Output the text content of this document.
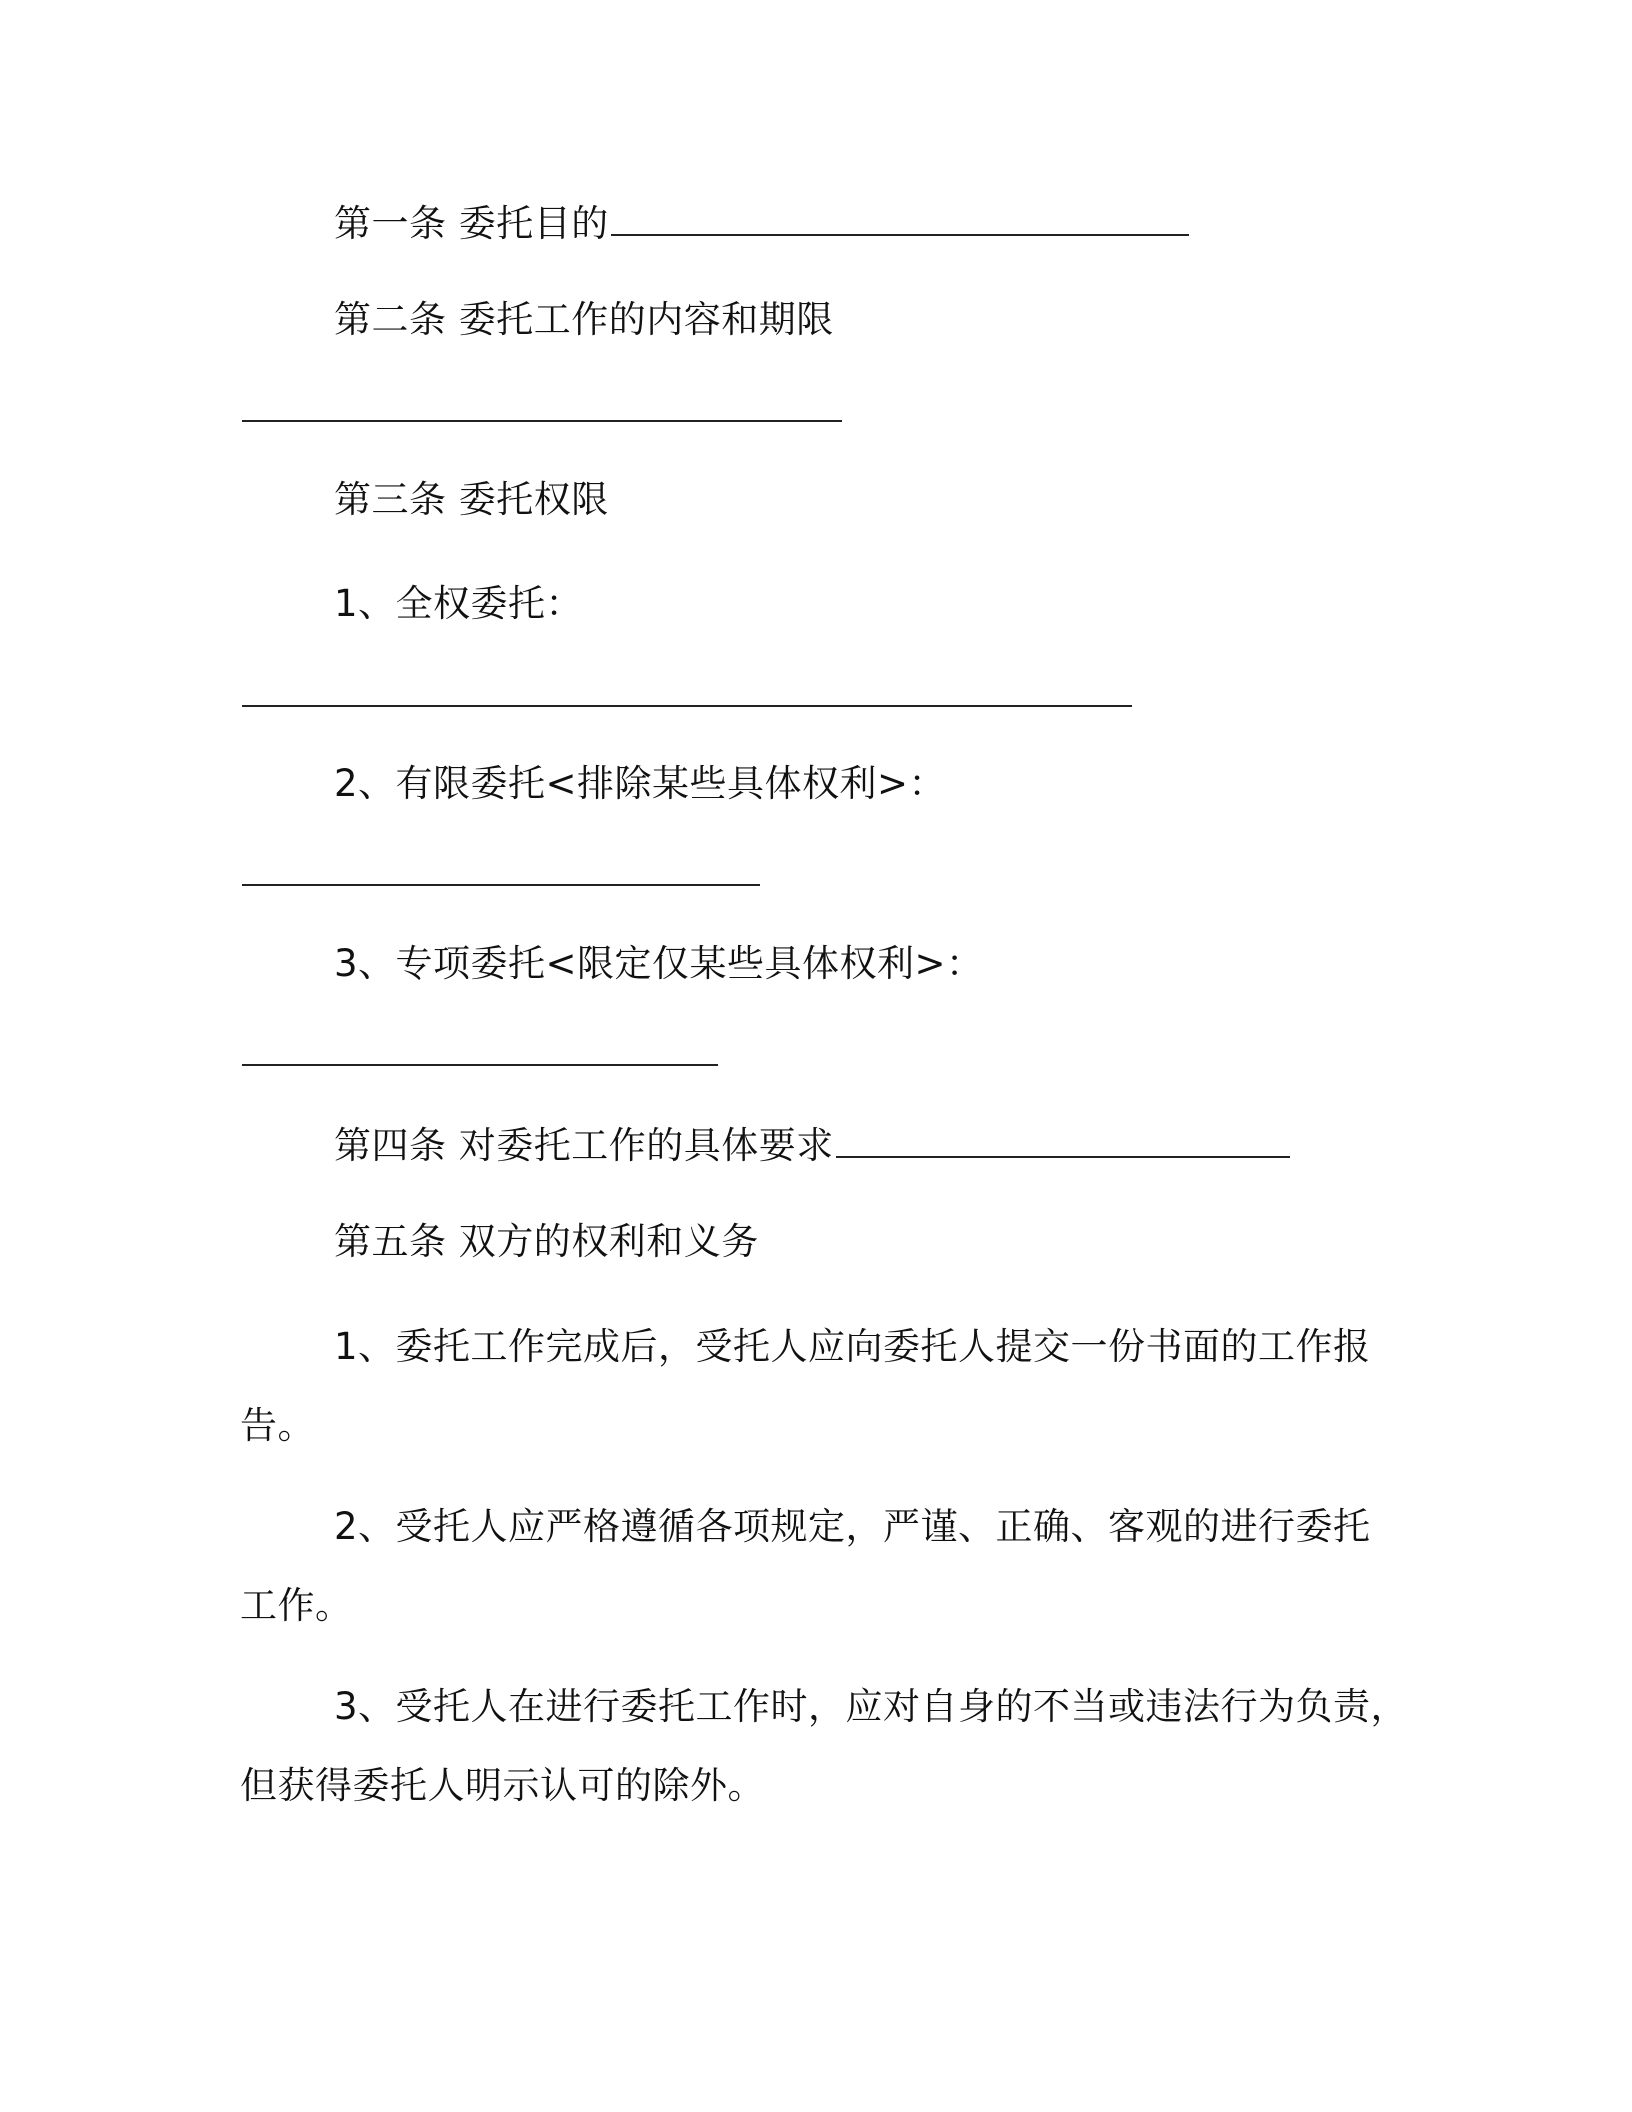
第一条 委托目的
第二条 委托工作的内容和期限
第三条 委托权限
1、全权委托：
2、有限委托<排除某些具体权利>：
3、专项委托<限定仅某些具体权利>：
第四条 对委托工作的具体要求
第五条 双方的权利和义务
1、委托工作完成后，受托人应向委托人提交一份书面的工作报
告。
2、受托人应严格遵循各项规定，严谨、正确、客观的进行委托
工作。
3、受托人在进行委托工作时，应对自身的不当或违法行为负责，
但获得委托人明示认可的除外。
